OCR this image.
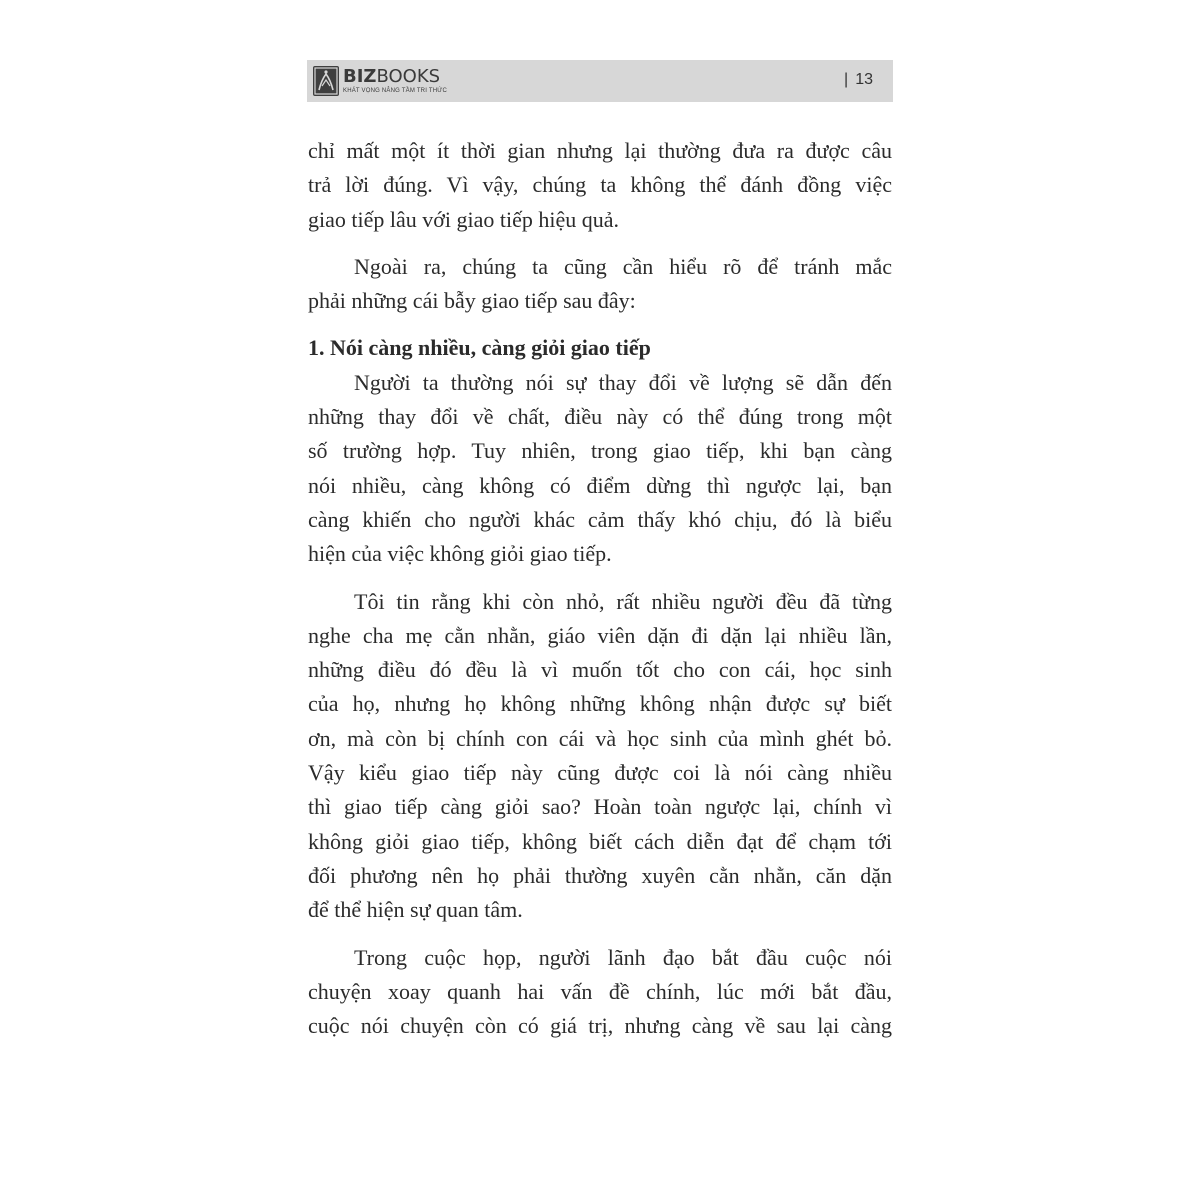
BIZBOOKS
KHÁT VỌNG NÂNG TẦM TRI THỨC
| 13
chỉ mất một ít thời gian nhưng lại thường đưa ra được câu
trả lời đúng. Vì vậy, chúng ta không thể đánh đồng việc
giao tiếp lâu với giao tiếp hiệu quả.
Ngoài ra, chúng ta cũng cần hiểu rõ để tránh mắc
phải những cái bẫy giao tiếp sau đây:
1. Nói càng nhiều, càng giỏi giao tiếp
Người ta thường nói sự thay đổi về lượng sẽ dẫn đến
những thay đổi về chất, điều này có thể đúng trong một
số trường hợp. Tuy nhiên, trong giao tiếp, khi bạn càng
nói nhiều, càng không có điểm dừng thì ngược lại, bạn
càng khiến cho người khác cảm thấy khó chịu, đó là biểu
hiện của việc không giỏi giao tiếp.
Tôi tin rằng khi còn nhỏ, rất nhiều người đều đã từng
nghe cha mẹ cằn nhằn, giáo viên dặn đi dặn lại nhiều lần,
những điều đó đều là vì muốn tốt cho con cái, học sinh
của họ, nhưng họ không những không nhận được sự biết
ơn, mà còn bị chính con cái và học sinh của mình ghét bỏ.
Vậy kiểu giao tiếp này cũng được coi là nói càng nhiều
thì giao tiếp càng giỏi sao? Hoàn toàn ngược lại, chính vì
không giỏi giao tiếp, không biết cách diễn đạt để chạm tới
đối phương nên họ phải thường xuyên cằn nhằn, căn dặn
để thể hiện sự quan tâm.
Trong cuộc họp, người lãnh đạo bắt đầu cuộc nói
chuyện xoay quanh hai vấn đề chính, lúc mới bắt đầu,
cuộc nói chuyện còn có giá trị, nhưng càng về sau lại càng
